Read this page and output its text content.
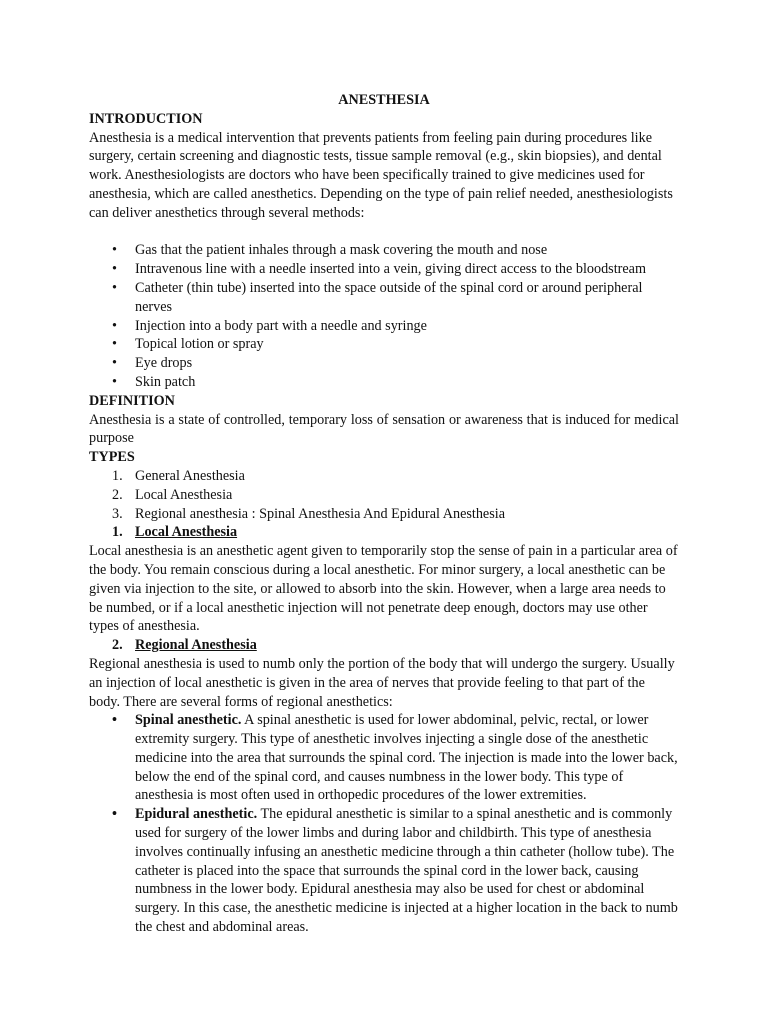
ANESTHESIA

INTRODUCTION

Anesthesia is a medical intervention that prevents patients from feeling pain during procedures like surgery, certain screening and diagnostic tests, tissue sample removal (e.g., skin biopsies), and dental work. Anesthesiologists are doctors who have been specifically trained to give medicines used for anesthesia, which are called anesthetics. Depending on the type of pain relief needed, anesthesiologists can deliver anesthetics through several methods:

• Gas that the patient inhales through a mask covering the mouth and nose
• Intravenous line with a needle inserted into a vein, giving direct access to the bloodstream
• Catheter (thin tube) inserted into the space outside of the spinal cord or around peripheral nerves
• Injection into a body part with a needle and syringe
• Topical lotion or spray
• Eye drops
• Skin patch

DEFINITION

Anesthesia is a state of controlled, temporary loss of sensation or awareness that is induced for medical purpose

TYPES

1. General Anesthesia
2. Local Anesthesia
3. Regional anesthesia : Spinal Anesthesia And Epidural Anesthesia
1. Local Anesthesia

Local anesthesia is an anesthetic agent given to temporarily stop the sense of pain in a particular area of the body. You remain conscious during a local anesthetic. For minor surgery, a local anesthetic can be given via injection to the site, or allowed to absorb into the skin. However, when a large area needs to be numbed, or if a local anesthetic injection will not penetrate deep enough, doctors may use other types of anesthesia.

2. Regional Anesthesia

Regional anesthesia is used to numb only the portion of the body that will undergo the surgery. Usually an injection of local anesthetic is given in the area of nerves that provide feeling to that part of the body. There are several forms of regional anesthetics:

• Spinal anesthetic. A spinal anesthetic is used for lower abdominal, pelvic, rectal, or lower extremity surgery. This type of anesthetic involves injecting a single dose of the anesthetic medicine into the area that surrounds the spinal cord. The injection is made into the lower back, below the end of the spinal cord, and causes numbness in the lower body. This type of anesthesia is most often used in orthopedic procedures of the lower extremities.
• Epidural anesthetic. The epidural anesthetic is similar to a spinal anesthetic and is commonly used for surgery of the lower limbs and during labor and childbirth. This type of anesthesia involves continually infusing an anesthetic medicine through a thin catheter (hollow tube). The catheter is placed into the space that surrounds the spinal cord in the lower back, causing numbness in the lower body. Epidural anesthesia may also be used for chest or abdominal surgery. In this case, the anesthetic medicine is injected at a higher location in the back to numb the chest and abdominal areas.
